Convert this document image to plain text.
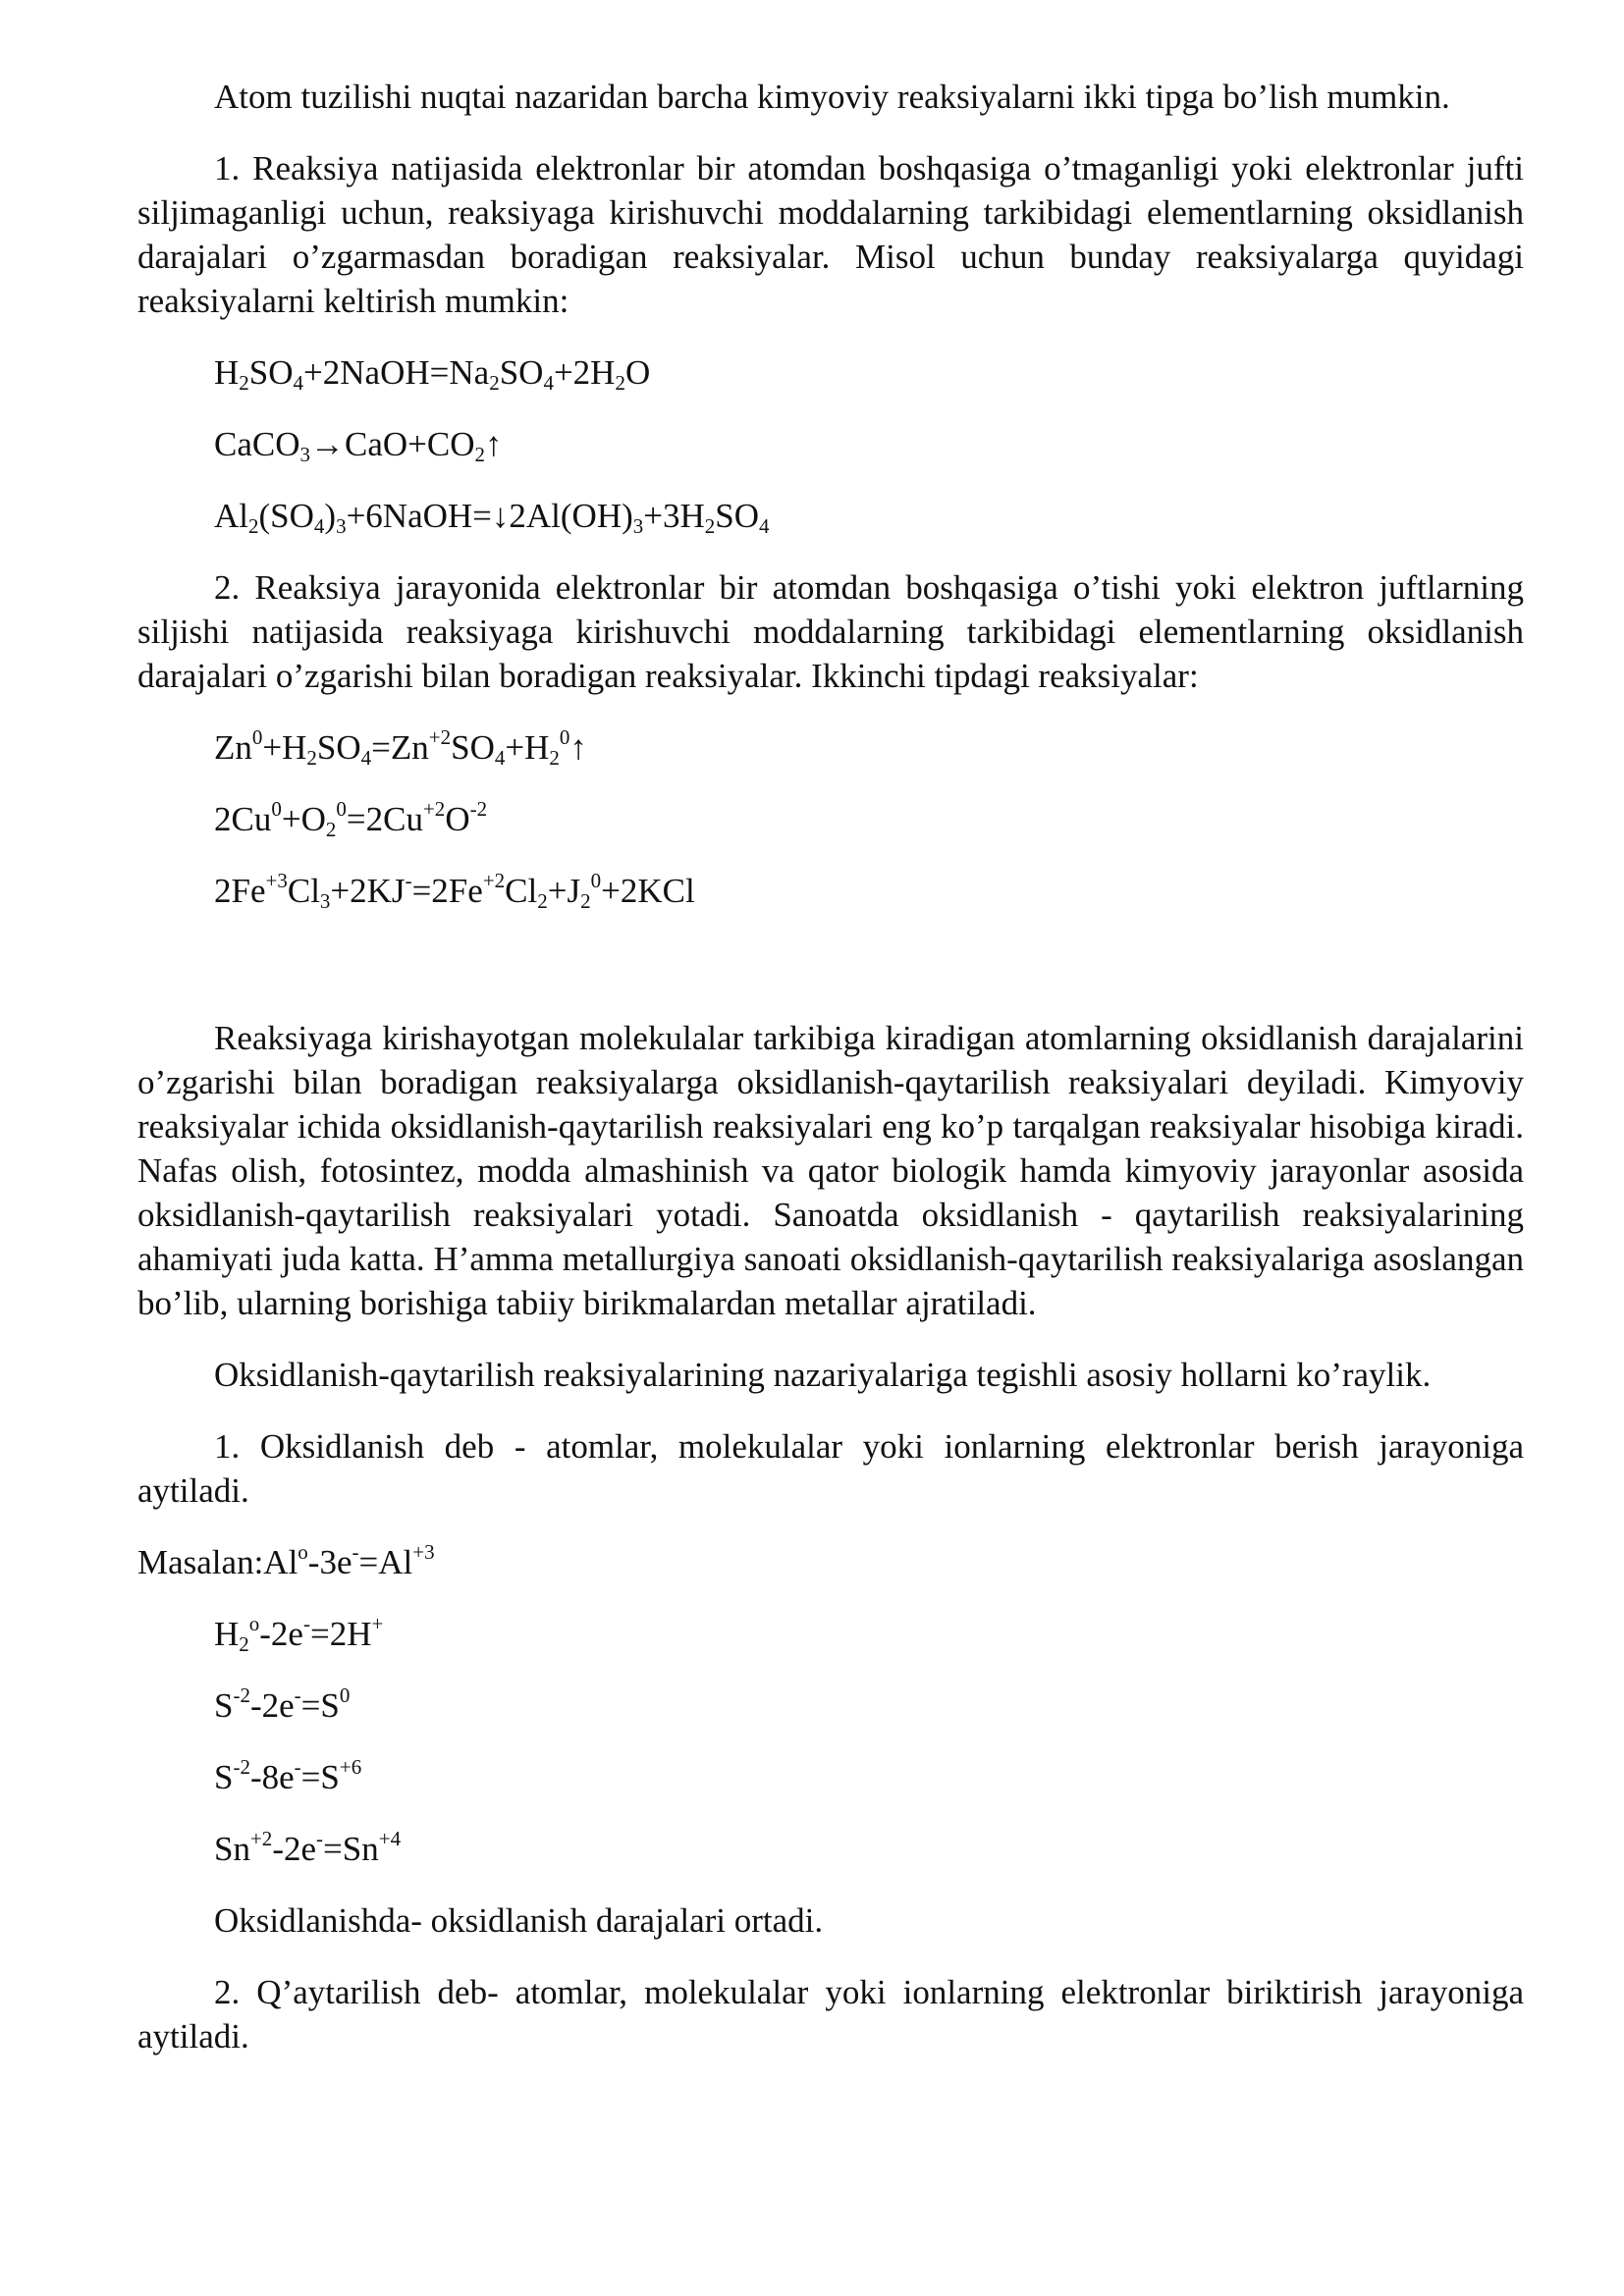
Atom tuzilishi nuqtai nazaridan barcha kimyoviy reaksiyalarni ikki tipga bo’lish mumkin.

1. Reaksiya natijasida elektronlar bir atomdan boshqasiga o’tmaganligi yoki elektronlar jufti siljimaganligi uchun, reaksiyaga kirishuvchi moddalarning tarkibidagi elementlarning oksidlanish darajalari o’zgarmasdan boradigan reaksiyalar. Misol uchun bunday reaksiyalarga quyidagi reaksiyalarni keltirish mumkin:

$H_2SO_4+2NaOH=Na_2SO_4+2H_2O$

$CaCO_3\to CaO+CO_2↑$

$Al_2(SO_4)_3+6NaOH=↓2Al(OH)_3+3H_2SO_4$

2. Reaksiya jarayonida elektronlar bir atomdan boshqasiga o’tishi yoki elektron juftlarning siljishi natijasida reaksiyaga kirishuvchi moddalarning tarkibidagi elementlarning oksidlanish darajalari o’zgarishi bilan boradigan reaksiyalar. Ikkinchi tipdagi reaksiyalar:

$Zn^0+H_2SO_4=Zn^{+2}SO_4+H_2^0↑$

$2Cu^0+O_2^0=2Cu^{+2}O^{-2}$

$2Fe^{+3}Cl_3+2KJ^-=2Fe^{+2}Cl_2+J_2^0+2KCl$

Reaksiyaga kirishayotgan molekulalar tarkibiga kiradigan atomlarning oksidlanish darajalarini o’zgarishi bilan boradigan reaksiyalarga oksidlanish-qaytarilish reaksiyalari deyiladi. Kimyoviy reaksiyalar ichida oksidlanish-qaytarilish reaksiyalari eng ko’p tarqalgan reaksiyalar hisobiga kiradi. Nafas olish, fotosintez, modda almashinish va qator biologik hamda kimyoviy jarayonlar asosida oksidlanish-qaytarilish reaksiyalari yotadi. Sanoatda oksidlanish - qaytarilish reaksiyalarining ahamiyati juda katta. H’amma metallurgiya sanoati oksidlanish-qaytarilish reaksiyalariga asoslangan bo’lib, ularning borishiga tabiiy birikmalardan metallar ajratiladi.

Oksidlanish-qaytarilish reaksiyalarining nazariyalariga tegishli asosiy hollarni ko’raylik.

1. Oksidlanish deb - atomlar, molekulalar yoki ionlarning elektronlar berish jarayoniga aytiladi.

$Masalan:Al^o-3e^-=Al^{+3}$

$H_2^o-2e^-=2H^+$

$S^{-2}-2e^-=S^0$

$S^{-2}-8e^-=S^{+6}$

$Sn^{+2}-2e^-=Sn^{+4}$

Oksidlanishda- oksidlanish darajalari ortadi.

2. Q’aytarilish deb- atomlar, molekulalar yoki ionlarning elektronlar biriktirish jarayoniga aytiladi.
